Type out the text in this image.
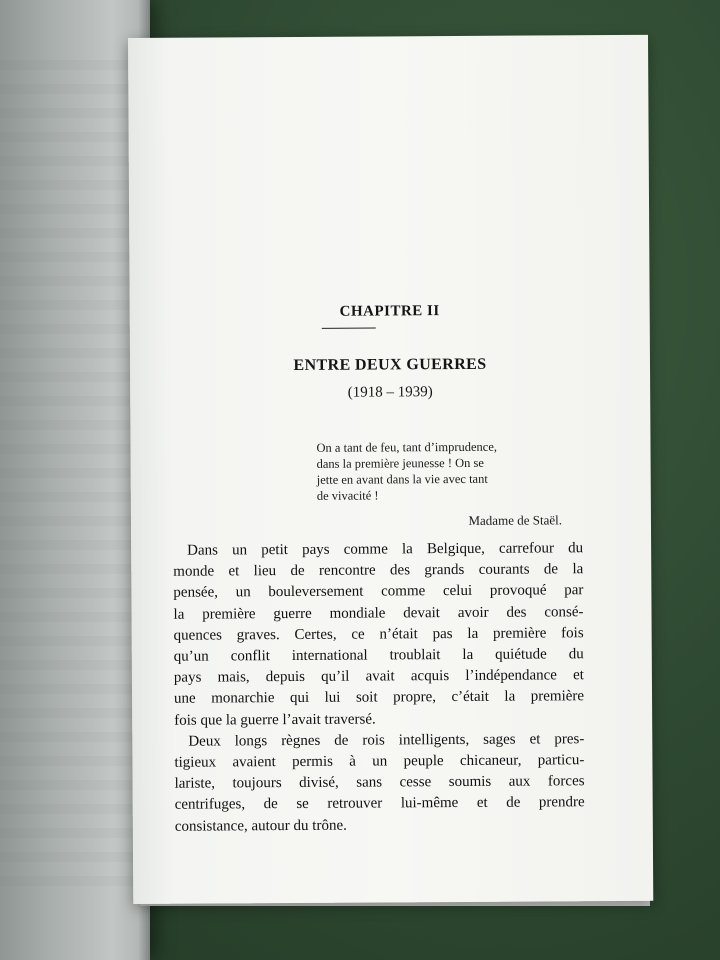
CHAPITRE II
ENTRE DEUX GUERRES
(1918 – 1939)
On a tant de feu, tant d’imprudence,
dans la première jeunesse ! On se
jette en avant dans la vie avec tant
de vivacité !
Madame de Staël.
Dans un petit pays comme la Belgique, carrefour du
monde et lieu de rencontre des grands courants de la
pensée, un bouleversement comme celui provoqué par
la première guerre mondiale devait avoir des consé-
quences graves. Certes, ce n’était pas la première fois
qu’un conflit international troublait la quiétude du
pays mais, depuis qu’il avait acquis l’indépendance et
une monarchie qui lui soit propre, c’était la première
fois que la guerre l’avait traversé.
Deux longs règnes de rois intelligents, sages et pres-
tigieux avaient permis à un peuple chicaneur, particu-
lariste, toujours divisé, sans cesse soumis aux forces
centrifuges, de se retrouver lui-même et de prendre
consistance, autour du trône.
